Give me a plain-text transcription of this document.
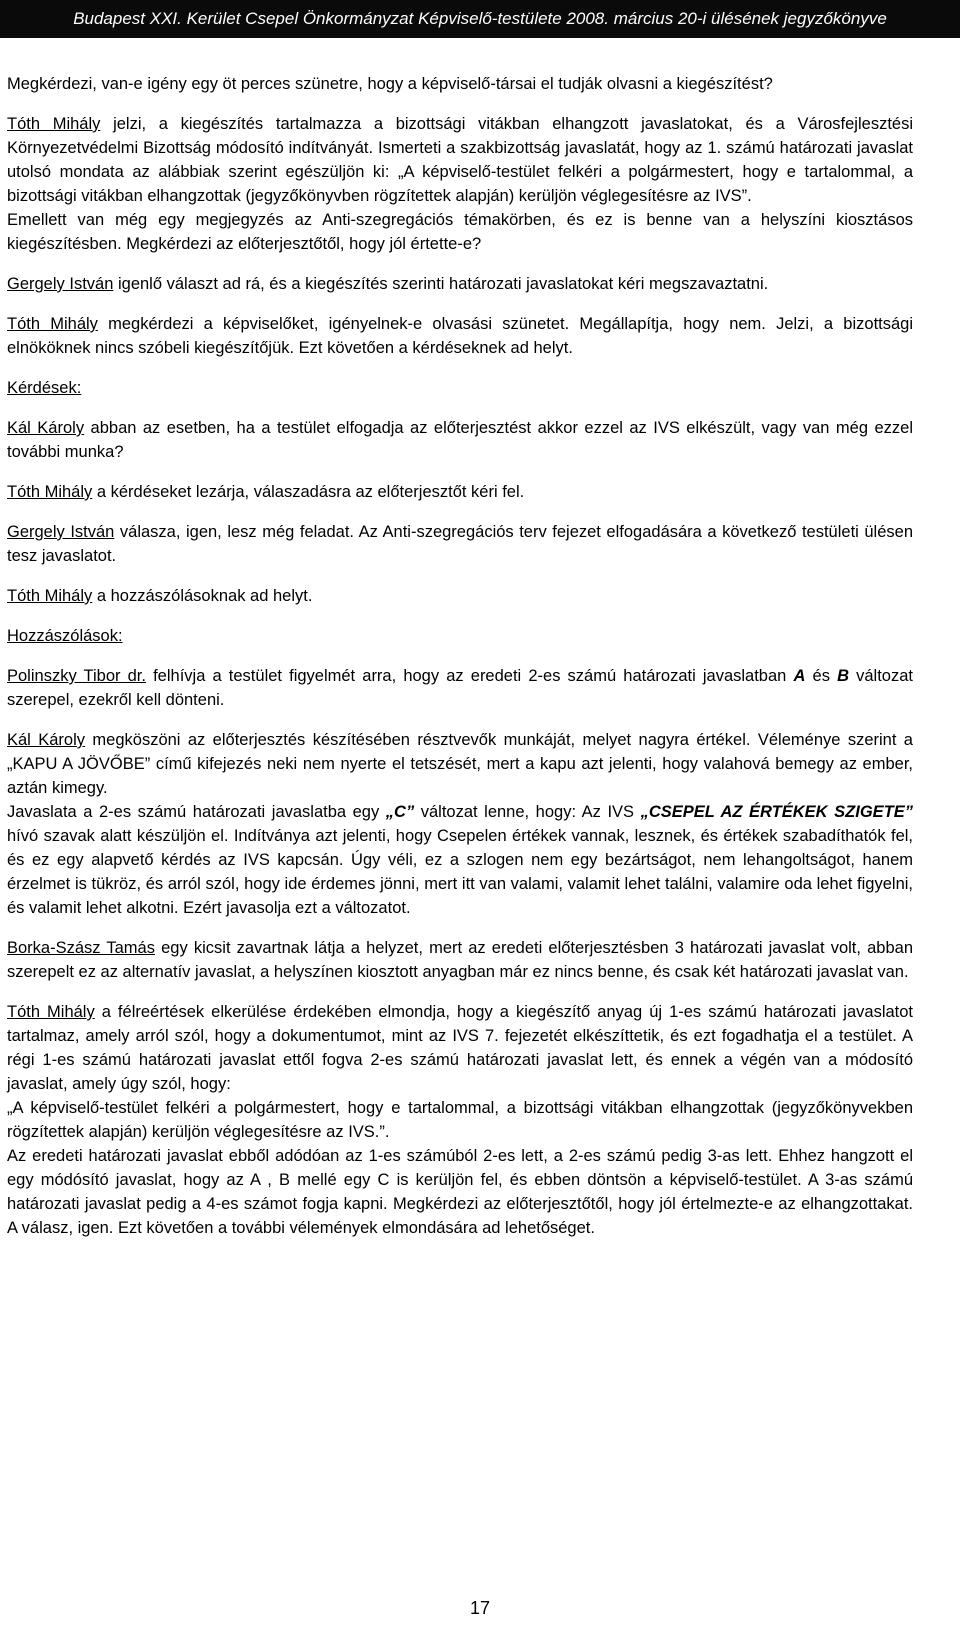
Budapest XXI. Kerület Csepel Önkormányzat Képviselő-testülete 2008. március 20-i ülésének jegyzőkönyve

Megkérdezi, van-e igény egy öt perces szünetre, hogy a képviselő-társai el tudják olvasni a kiegészítést?

Tóth Mihály jelzi, a kiegészítés tartalmazza a bizottsági vitákban elhangzott javaslatokat, és a Városfejlesztési Környezetvédelmi Bizottság módosító indítványát. Ismerteti a szakbizottság javaslatát, hogy az 1. számú határozati javaslat utolsó mondata az alábbiak szerint egészüljön ki: „A képviselő-testület felkéri a polgármestert, hogy e tartalommal, a bizottsági vitákban elhangzottak (jegyzőkönyvben rögzítettek alapján) kerüljön véglegesítésre az IVS”.

Emellett van még egy megjegyzés az Anti-szegregációs témakörben, és ez is benne van a helyszíni kiosztásos kiegészítésben. Megkérdezi az előterjesztőtől, hogy jól értette-e?

Gergely István igenlő választ ad rá, és a kiegészítés szerinti határozati javaslatokat kéri megszavaztatni.

Tóth Mihály megkérdezi a képviselőket, igényelnek-e olvasási szünetet. Megállapítja, hogy nem. Jelzi, a bizottsági elnököknek nincs szóbeli kiegészítőjük. Ezt követően a kérdéseknek ad helyt.

Kérdések:

Kál Károly abban az esetben, ha a testület elfogadja az előterjesztést akkor ezzel az IVS elkészült, vagy van még ezzel további munka?

Tóth Mihály a kérdéseket lezárja, válaszadásra az előterjesztőt kéri fel.

Gergely István válasza, igen, lesz még feladat. Az Anti-szegregációs terv fejezet elfogadására a következő testületi ülésen tesz javaslatot.

Tóth Mihály a hozzászólásoknak ad helyt.

Hozzászólások:

Polinszky Tibor dr. felhívja a testület figyelmét arra, hogy az eredeti 2-es számú határozati javaslatban A és B változat szerepel, ezekről kell dönteni.

Kál Károly megköszöni az előterjesztés készítésében résztvevők munkáját, melyet nagyra értékel. Véleménye szerint a „KAPU A JÖVŐBE” című kifejezés neki nem nyerte el tetszését, mert a kapu azt jelenti, hogy valahová bemegy az ember, aztán kimegy.

Javaslata a 2-es számú határozati javaslatba egy „C” változat lenne, hogy: Az IVS „CSEPEL AZ ÉRTÉKEK SZIGETE” hívó szavak alatt készüljön el. Indítványa azt jelenti, hogy Csepelen értékek vannak, lesznek, és értékek szabadíthatók fel, és ez egy alapvető kérdés az IVS kapcsán. Úgy véli, ez a szlogen nem egy bezártságot, nem lehangoltságot, hanem érzelmet is tükröz, és arról szól, hogy ide érdemes jönni, mert itt van valami, valamit lehet találni, valamire oda lehet figyelni, és valamit lehet alkotni. Ezért javasolja ezt a változatot.

Borka-Szász Tamás egy kicsit zavartnak látja a helyzet, mert az eredeti előterjesztésben 3 határozati javaslat volt, abban szerepelt ez az alternatív javaslat, a helyszínen kiosztott anyagban már ez nincs benne, és csak két határozati javaslat van.

Tóth Mihály a félreértések elkerülése érdekében elmondja, hogy a kiegészítő anyag új 1-es számú határozati javaslatot tartalmaz, amely arról szól, hogy a dokumentumot, mint az IVS 7. fejezetét elkészíttetik, és ezt fogadhatja el a testület. A régi 1-es számú határozati javaslat ettől fogva 2-es számú határozati javaslat lett, és ennek a végén van a módosító javaslat, amely úgy szól, hogy:

„A képviselő-testület felkéri a polgármestert, hogy e tartalommal, a bizottsági vitákban elhangzottak (jegyzőkönyvekben rögzítettek alapján) kerüljön véglegesítésre az IVS.”.

Az eredeti határozati javaslat ebből adódóan az 1-es számúból 2-es lett, a 2-es számú pedig 3-as lett. Ehhez hangzott el egy módósító javaslat, hogy az A , B mellé egy C is kerüljön fel, és ebben döntsön a képviselő-testület. A 3-as számú határozati javaslat pedig a 4-es számot fogja kapni. Megkérdezi az előterjesztőtől, hogy jól értelmezte-e az elhangzottakat. A válasz, igen. Ezt követően a további vélemények elmondására ad lehetőséget.

17
